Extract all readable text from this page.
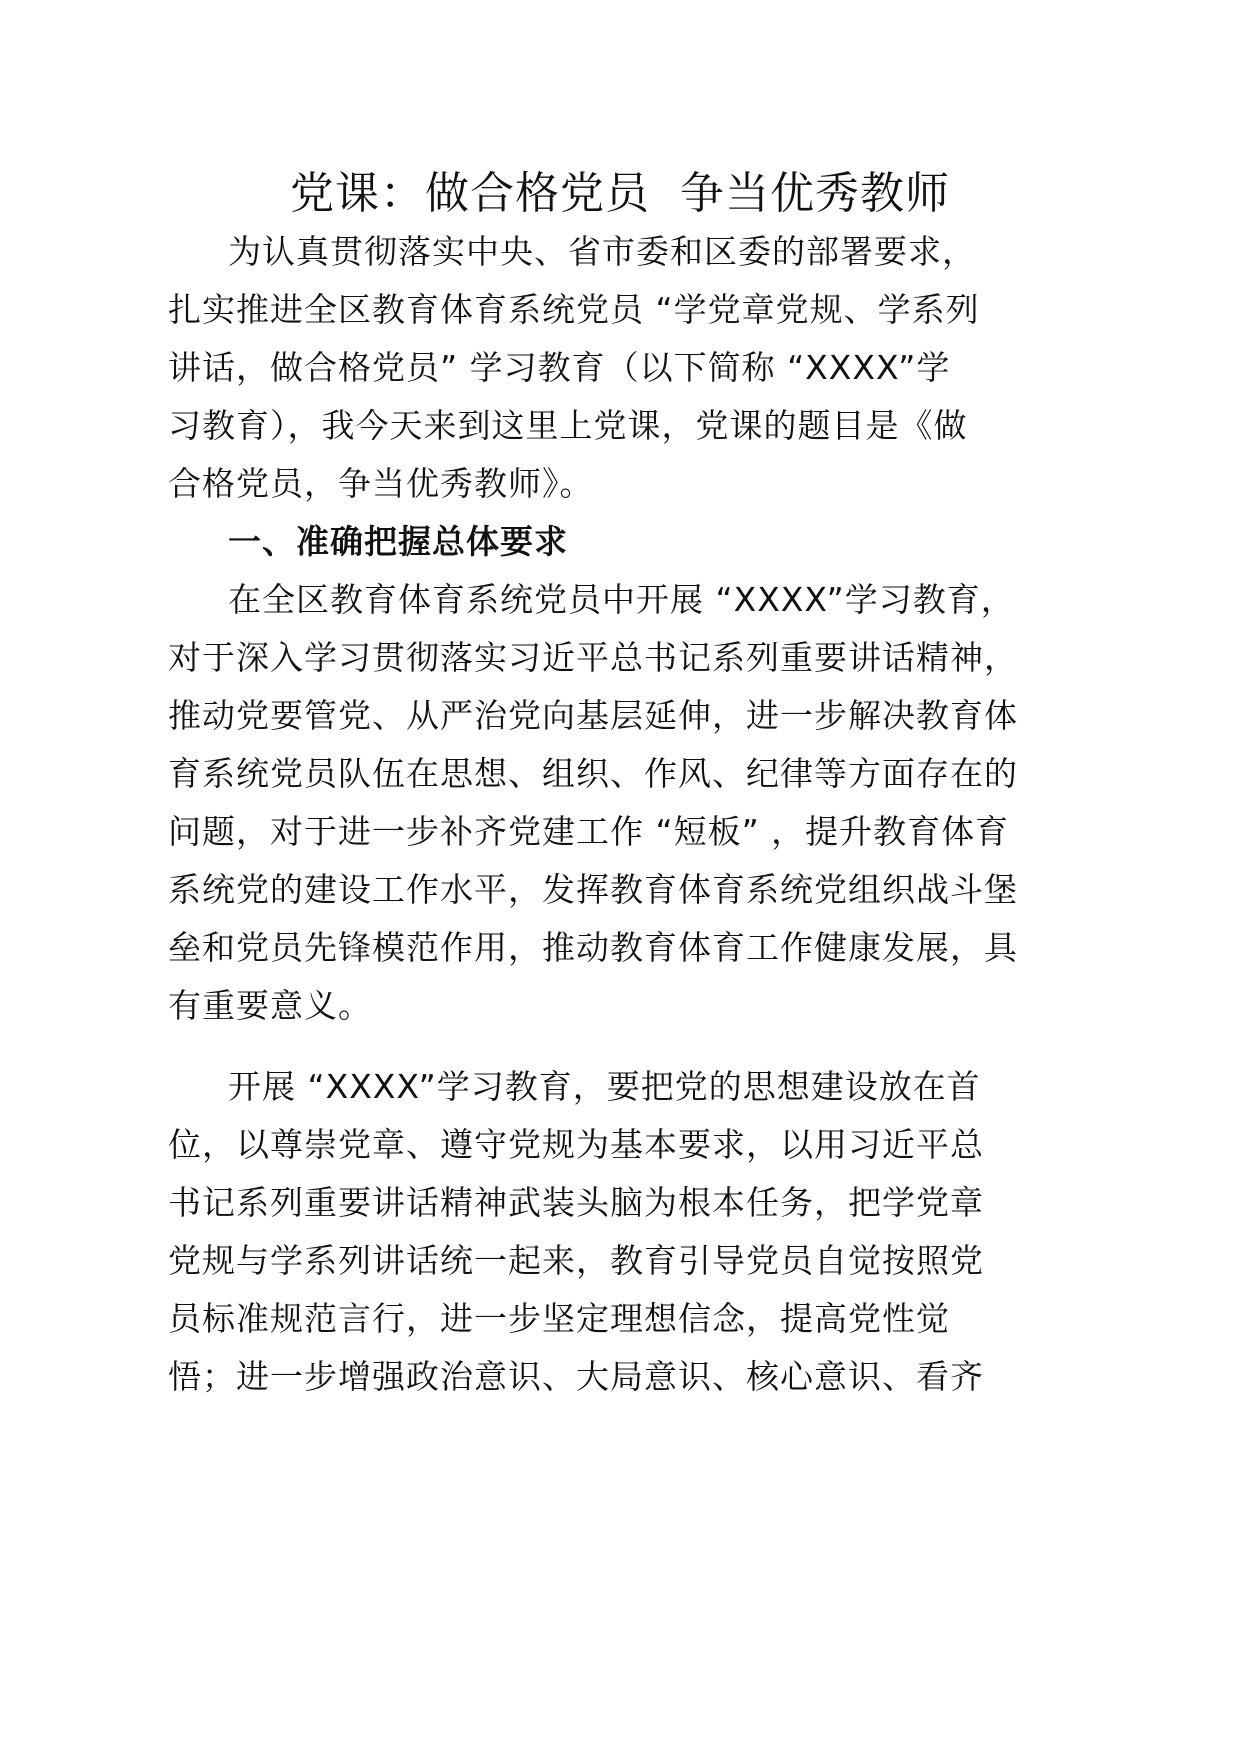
党课：做合格党员  争当优秀教师
为认真贯彻落实中央、省市委和区委的部署要求，
扎实推进全区教育体育系统党员 “学党章党规、学系列
讲话，做合格党员” 学习教育（以下简称 “XXXX”学
习教育），我今天来到这里上党课，党课的题目是《做
合格党员，争当优秀教师》。
一、准确把握总体要求
在全区教育体育系统党员中开展 “XXXX”学习教育，
对于深入学习贯彻落实习近平总书记系列重要讲话精神，
推动党要管党、从严治党向基层延伸，进一步解决教育体
育系统党员队伍在思想、组织、作风、纪律等方面存在的
问题，对于进一步补齐党建工作 “短板” ，提升教育体育
系统党的建设工作水平，发挥教育体育系统党组织战斗堡
垒和党员先锋模范作用，推动教育体育工作健康发展，具
有重要意义。
开展 “XXXX”学习教育，要把党的思想建设放在首
位，以尊崇党章、遵守党规为基本要求，以用习近平总
书记系列重要讲话精神武装头脑为根本任务，把学党章
党规与学系列讲话统一起来，教育引导党员自觉按照党
员标准规范言行，进一步坚定理想信念，提高党性觉
悟；进一步增强政治意识、大局意识、核心意识、看齐
